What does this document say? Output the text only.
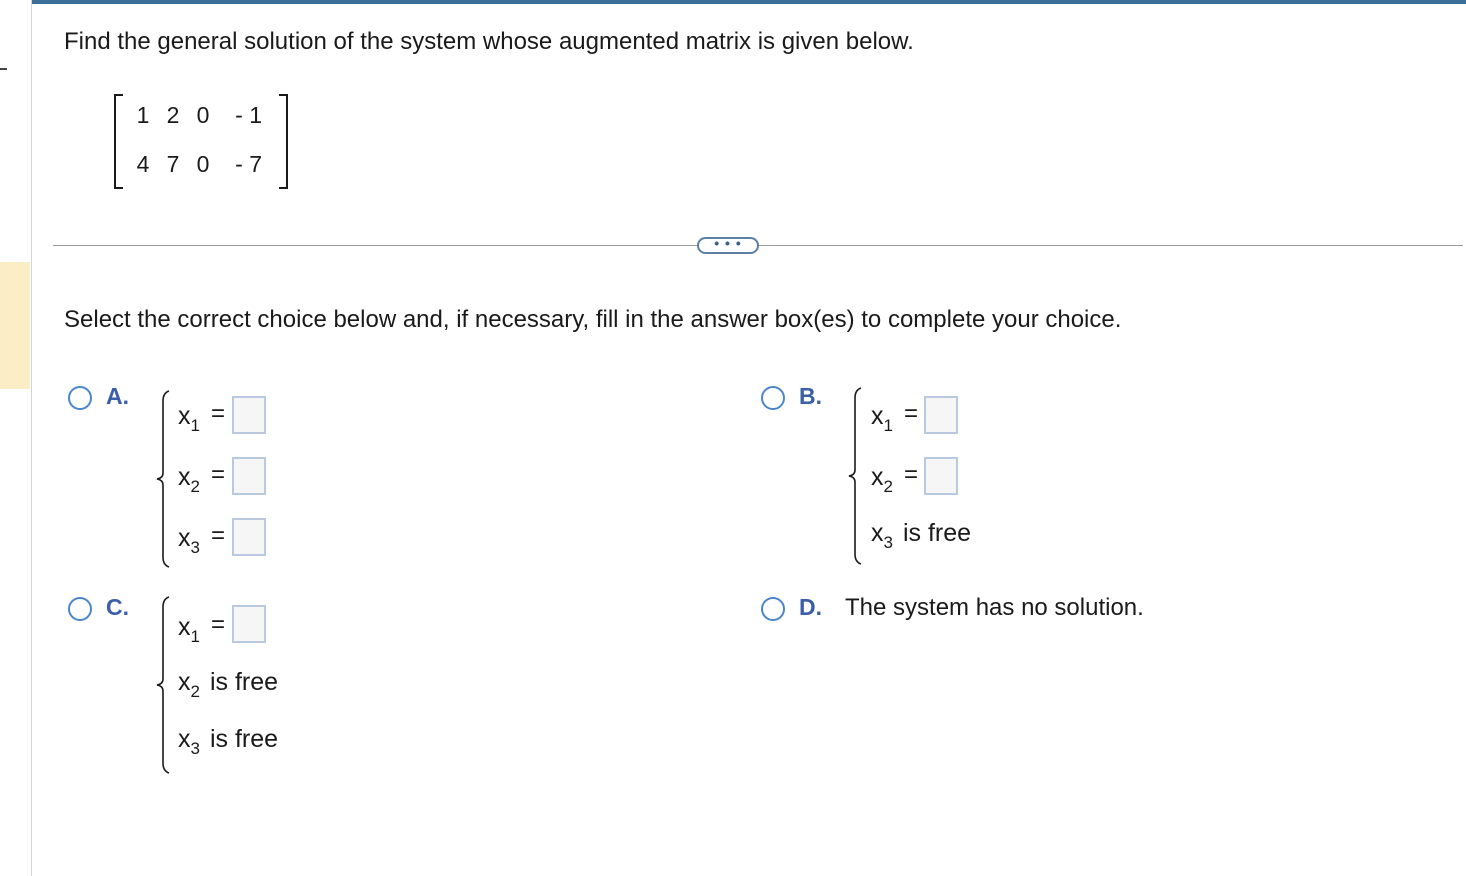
Find the general solution of the system whose augmented matrix is given below.
1 2 0	- 1
4 7 0	- 7
• • •
Select the correct choice below and, if necessary, fill in the answer box(es) to complete your choice.
A.
$x_1$ =
$x_2$ =
$x_3$ =
B.
$x_1$ =
$x_2$ =
$x_3$ is free
C.
$x_1$ =
$x_2$ is free
$x_3$ is free
D. The system has no solution.
